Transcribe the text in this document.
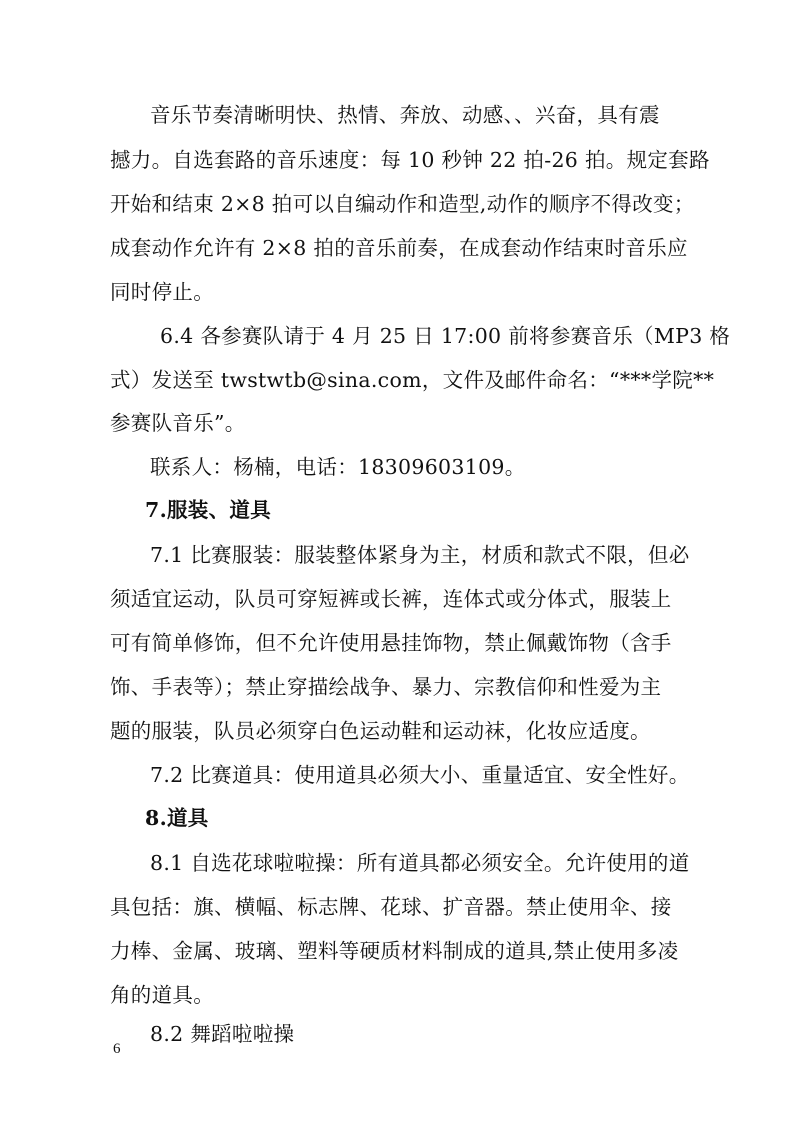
音乐节奏清晰明快、热情、奔放、动感、、兴奋，具有震
撼力。自选套路的音乐速度：每 10 秒钟 22 拍-26 拍。规定套路
开始和结束 2×8 拍可以自编动作和造型,动作的顺序不得改变；
成套动作允许有 2×8 拍的音乐前奏，在成套动作结束时音乐应
同时停止。
6.4 各参赛队请于 4 月 25 日 17:00 前将参赛音乐（MP3 格
式）发送至 twstwtb@sina.com，文件及邮件命名：“***学院**
参赛队音乐”。
联系人：杨楠，电话：18309603109。
7.服装、道具
7.1 比赛服装：服装整体紧身为主，材质和款式不限，但必
须适宜运动，队员可穿短裤或长裤，连体式或分体式，服装上
可有简单修饰，但不允许使用悬挂饰物，禁止佩戴饰物（含手
饰、手表等）；禁止穿描绘战争、暴力、宗教信仰和性爱为主
题的服装，队员必须穿白色运动鞋和运动袜，化妆应适度。
7.2 比赛道具：使用道具必须大小、重量适宜、安全性好。
8.道具
8.1 自选花球啦啦操：所有道具都必须安全。允许使用的道
具包括：旗、横幅、标志牌、花球、扩音器。禁止使用伞、接
力棒、金属、玻璃、塑料等硬质材料制成的道具,禁止使用多凌
角的道具。
8.2 舞蹈啦啦操
6
